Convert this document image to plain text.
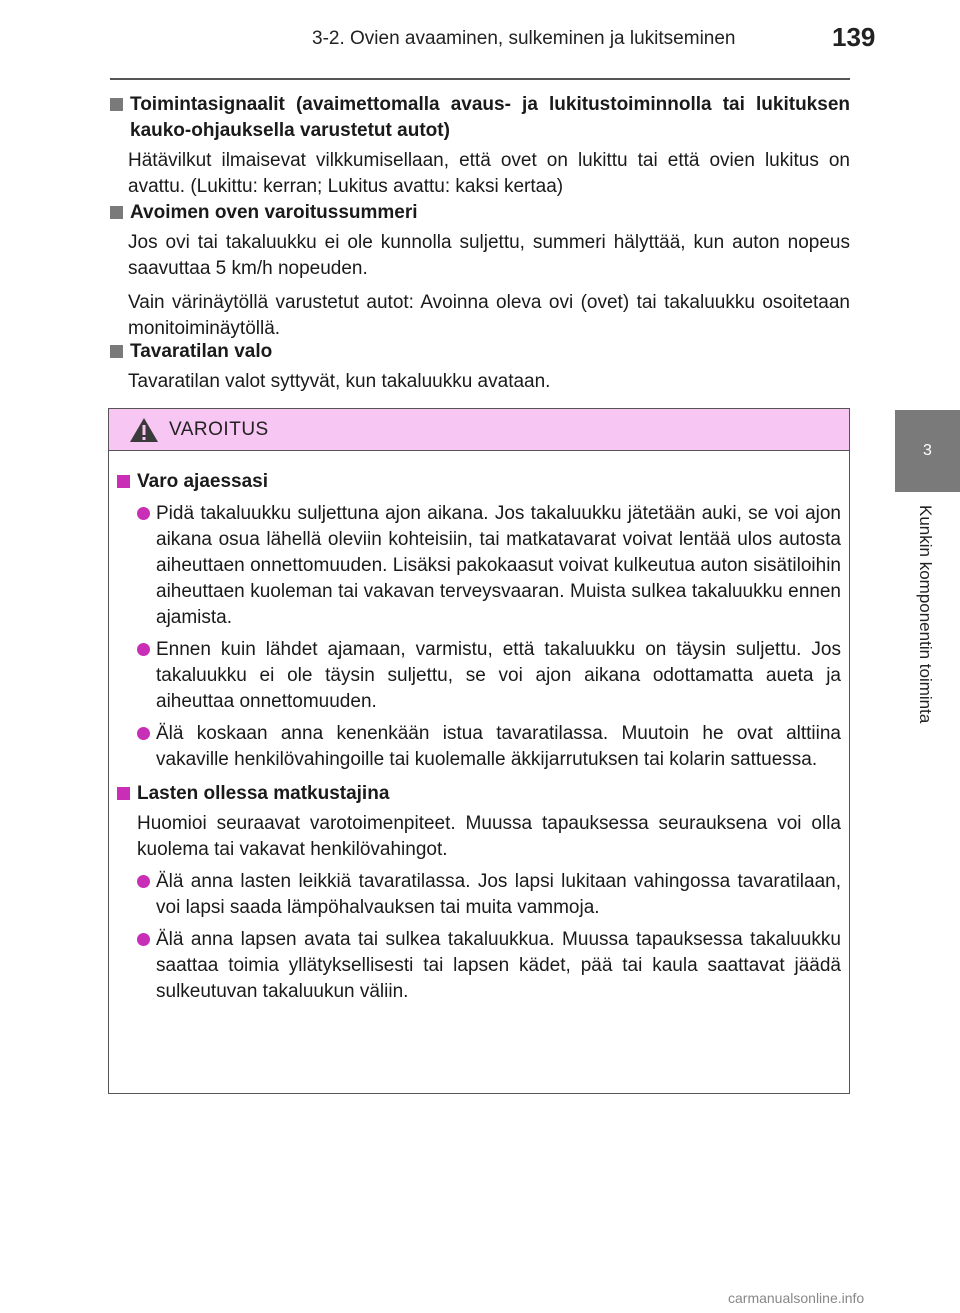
3-2. Ovien avaaminen, sulkeminen ja lukitseminen	139
3
Kunkin komponentin toiminta
Toimintasignaalit (avaimettomalla avaus- ja lukitustoiminnolla tai lukituksen kauko-ohjauksella varustetut autot)
Hätävilkut ilmaisevat vilkkumisellaan, että ovet on lukittu tai että ovien lukitus on avattu. (Lukittu: kerran; Lukitus avattu: kaksi kertaa)
Avoimen oven varoitussummeri
Jos ovi tai takaluukku ei ole kunnolla suljettu, summeri hälyttää, kun auton nopeus saavuttaa 5 km/h nopeuden.
Vain värinäytöllä varustetut autot: Avoinna oleva ovi (ovet) tai takaluukku osoitetaan monitoiminäytöllä.
Tavaratilan valo
Tavaratilan valot syttyvät, kun takaluukku avataan.
VAROITUS
Varo ajaessasi
Pidä takaluukku suljettuna ajon aikana. Jos takaluukku jätetään auki, se voi ajon aikana osua lähellä oleviin kohteisiin, tai matkatavarat voivat lentää ulos autosta aiheuttaen onnettomuuden. Lisäksi pakokaasut voivat kulkeutua auton sisätiloihin aiheuttaen kuoleman tai vakavan terveysvaaran. Muista sulkea takaluukku ennen ajamista.
Ennen kuin lähdet ajamaan, varmistu, että takaluukku on täysin suljettu. Jos takaluukku ei ole täysin suljettu, se voi ajon aikana odottamatta aueta ja aiheuttaa onnettomuuden.
Älä koskaan anna kenenkään istua tavaratilassa. Muutoin he ovat alttiina vakaville henkilövahingoille tai kuolemalle äkkijarrutuksen tai kolarin sattuessa.
Lasten ollessa matkustajina
Huomioi seuraavat varotoimenpiteet. Muussa tapauksessa seurauksena voi olla kuolema tai vakavat henkilövahingot.
Älä anna lasten leikkiä tavaratilassa. Jos lapsi lukitaan vahingossa tavaratilaan, voi lapsi saada lämpöhalvauksen tai muita vammoja.
Älä anna lapsen avata tai sulkea takaluukkua. Muussa tapauksessa takaluukku saattaa toimia yllätyksellisesti tai lapsen kädet, pää tai kaula saattavat jäädä sulkeutuvan takaluukun väliin.
carmanualsonline.info
